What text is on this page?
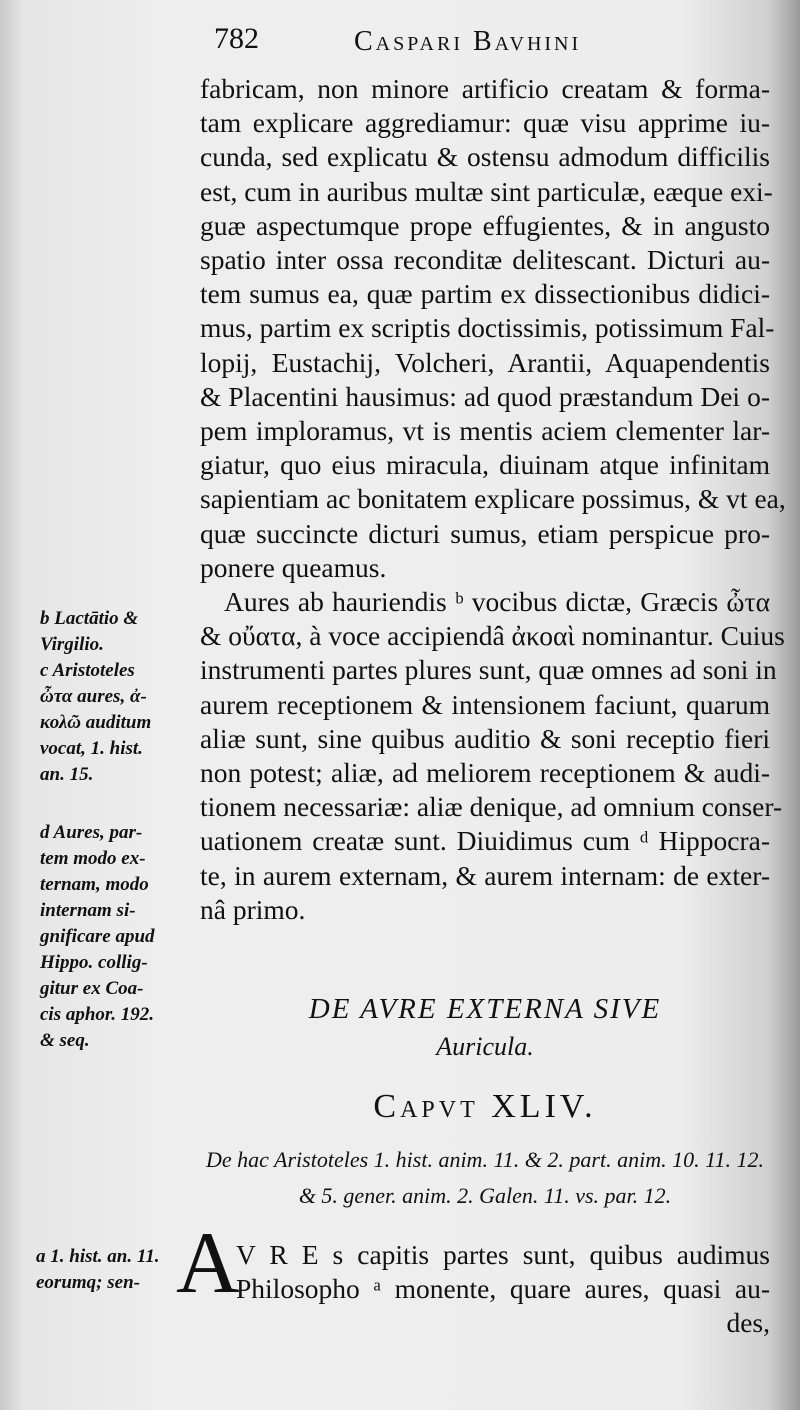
782	Caspari Bavhini
fabricam, non minore artificio creatam & forma-
tam explicare aggrediamur: quæ visu apprime iu-
cunda, sed explicatu & ostensu admodum difficilis
est, cum in auribus multæ sint particulæ, eæque exi-
guæ aspectumque prope effugientes, & in angusto
spatio inter ossa reconditæ delitescant. Dicturi au-
tem sumus ea, quæ partim ex dissectionibus didici-
mus, partim ex scriptis doctissimis, potissimum Fal-
lopij, Eustachij, Volcheri, Arantii, Aquapendentis
& Placentini hausimus: ad quod præstandum Dei o-
pem imploramus, vt is mentis aciem clementer lar-
giatur, quo eius miracula, diuinam atque infinitam
sapientiam ac bonitatem explicare possimus, & vt ea,
quæ succincte dicturi sumus, etiam perspicue pro-
ponere queamus.
Aures ab hauriendis ᵇ vocibus dictæ, Græcis ὦτα
& οὔατα, à voce accipiendâ ἀκοαὶ nominantur. Cuius
instrumenti partes plures sunt, quæ omnes ad soni in
aurem receptionem & intensionem faciunt, quarum
aliæ sunt, sine quibus auditio & soni receptio fieri
non potest; aliæ, ad meliorem receptionem & audi-
tionem necessariæ: aliæ denique, ad omnium conser-
uationem creatæ sunt. Diuidimus cum ᵈ Hippocra-
te, in aurem externam, & aurem internam: de exter-
nâ primo.
b Lactātio &
Virgilio.
c Aristoteles
ὦτα aures, ἀ-
κολῶ auditum
vocat, 1. hist.
an. 15.
d Aures, par-
tem modo ex-
ternam, modo
internam si-
gnificare apud
Hippo. collig-
gitur ex Coa-
cis aphor. 192.
& seq.
DE AVRE EXTERNA SIVE
Auricula.
Capvt XLIV.
De hac Aristoteles 1. hist. anim. 11. & 2. part. anim. 10. 11. 12.
& 5. gener. anim. 2. Galen. 11. vs. par. 12.
A
V R E s capitis partes sunt, quibus audimus
Philosopho ᵃ monente, quare aures, quasi au-
des,
a 1. hist. an. 11.
eorumq; sen-
